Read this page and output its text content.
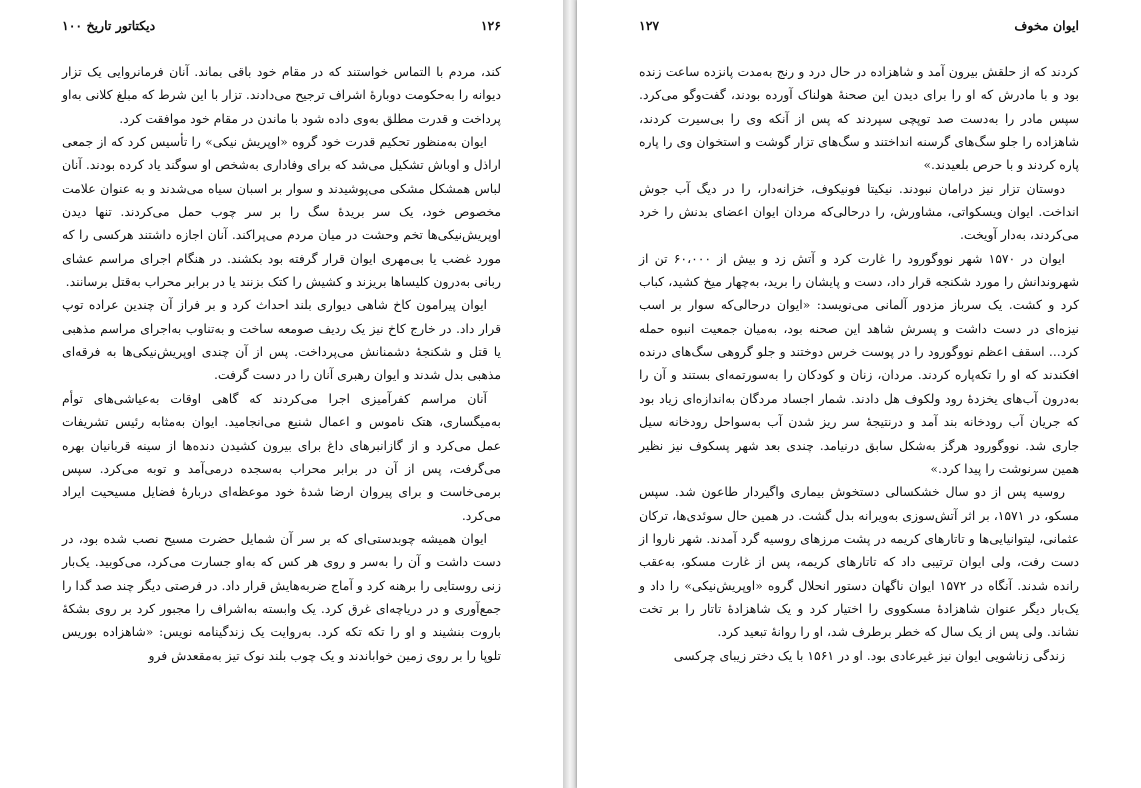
۱۲۶
۱۰۰ دیکتاتور تاریخ

کند، مردم با التماس خواستند که در مقام خود باقی بماند. آنان فرمانروایی یک تزار دیوانه را به‌حکومت دوبارهٔ اشراف ترجیح می‌دادند. تزار با این شرط که مبلغ کلانی به‌او پرداخت و قدرت مطلق به‌وی داده شود با ماندن در مقام خود موافقت کرد.

ایوان به‌منظور تحکیم قدرت خود گروه «اوپریش نیکی» را تأسیس کرد که از جمعی اراذل و اوباش تشکیل می‌شد که برای وفاداری به‌شخص او سوگند یاد کرده بودند. آنان لباس همشکل مشکی می‌پوشیدند و سوار بر اسبان سیاه می‌شدند و به عنوان علامت مخصوص خود، یک سر بریدهٔ سگ را بر سر چوب حمل می‌کردند. تنها دیدن اوپریش‌نیکی‌ها تخم وحشت در میان مردم می‌پراکند. آنان اجازه داشتند هرکسی را که مورد غضب یا بی‌مهری ایوان قرار گرفته بود بکشند. در هنگام اجرای مراسم عشای ربانی به‌درون کلیساها بریزند و کشیش را کتک بزنند یا در برابر محراب به‌قتل برسانند.

ایوان پیرامون کاخ شاهی دیواری بلند احداث کرد و بر فراز آن چندین عراده توپ قرار داد. در خارج کاخ نیز یک ردیف صومعه ساخت و به‌تناوب به‌اجرای مراسم مذهبی یا قتل و شکنجهٔ دشمنانش می‌پرداخت. پس از آن چندی اوپریش‌نیکی‌ها به فرقه‌ای مذهبی بدل شدند و ایوان رهبری آنان را در دست گرفت.

آنان مراسم کفرآمیزی اجرا می‌کردند که گاهی اوقات به‌عیاشی‌های توأم به‌میگساری، هتک ناموس و اعمال شنیع می‌انجامید. ایوان به‌مثابه رئیس تشریفات عمل می‌کرد و از گازانبرهای داغ برای بیرون کشیدن دنده‌ها از سینه قربانیان بهره می‌گرفت، پس از آن در برابر محراب به‌سجده درمی‌آمد و توبه می‌کرد. سپس برمی‌خاست و برای پیروان ارضا شدهٔ خود موعظه‌ای دربارهٔ فضایل مسیحیت ایراد می‌کرد.

ایوان همیشه چوبدستی‌ای که بر سر آن شمایل حضرت مسیح نصب شده بود، در دست داشت و آن را به‌سر و روی هر کس که به‌او جسارت می‌کرد، می‌کوبید. یک‌بار زنی روستایی را برهنه کرد و آماج ضربه‌هایش قرار داد. در فرصتی دیگر چند صد گدا را جمع‌آوری و در دریاچه‌ای غرق کرد. یک وابسته به‌اشراف را مجبور کرد بر روی بشکهٔ باروت بنشیند و او را تکه تکه کرد. به‌روایت یک زندگینامه نویس: «شاهزاده بوریس تلوپا را بر روی زمین خواباندند و یک چوب بلند نوک تیز به‌مقعدش فرو

۱۲۷	ایوان مخوف

کردند که از حلقش بیرون آمد و شاهزاده در حال درد و رنج به‌مدت پانزده ساعت زنده بود و با مادرش که او را برای دیدن این صحنهٔ هولناک آورده بودند، گفت‌وگو می‌کرد. سپس مادر را به‌دست صد توپچی سپردند که پس از آنکه وی را بی‌سیرت کردند، شاهزاده را جلو سگ‌های گرسنه انداختند و سگ‌های تزار گوشت و استخوان وی را پاره پاره کردند و با حرص بلعیدند.»

دوستان تزار نیز درامان نبودند. نیکیتا فونیکوف، خزانه‌دار، را در دیگ آب جوش انداخت. ایوان ویسکواتی، مشاورش، را درحالی‌که مردان ایوان اعضای بدنش را خرد می‌کردند، به‌دار آویخت.

ایوان در ۱۵۷۰ شهر نووگورود را غارت کرد و آتش زد و بیش از ۶۰،۰۰۰ تن از شهروندانش را مورد شکنجه قرار داد، دست و پایشان را برید، به‌چهار میخ کشید، کباب کرد و کشت. یک سرباز مزدور آلمانی می‌نویسد: «ایوان درحالی‌که سوار بر اسب نیزه‌ای در دست داشت و پسرش شاهد این صحنه بود، به‌میان جمعیت انبوه حمله کرد... اسقف اعظم نووگورود را در پوست خرس دوختند و جلو گروهی سگ‌های درنده افکندند که او را تکه‌پاره کردند. مردان، زنان و کودکان را به‌سورتمه‌ای بستند و آن را به‌درون آب‌های یخزدهٔ رود ولکوف هل دادند. شمار اجساد مردگان به‌اندازه‌ای زیاد بود که جریان آب رودخانه بند آمد و درنتیجهٔ سر ریز شدن آب به‌سواحل رودخانه سیل جاری شد. نووگورود هرگز به‌شکل سابق درنیامد. چندی بعد شهر پسکوف نیز نظیر همین سرنوشت را پیدا کرد.»

روسیه پس از دو سال خشکسالی دستخوش بیماری واگیردار طاعون شد. سپس مسکو، در ۱۵۷۱، بر اثر آتش‌سوزی به‌ویرانه بدل گشت. در همین حال سوئدی‌ها، ترکان عثمانی، لیتوانیایی‌ها و تاتارهای کریمه در پشت مرزهای روسیه گرد آمدند. شهر ناروا از دست رفت، ولی ایوان ترتیبی داد که تاتارهای کریمه، پس از غارت مسکو، به‌عقب رانده شدند. آنگاه در ۱۵۷۲ ایوان ناگهان دستور انحلال گروه «اوپریش‌نیکی» را داد و یک‌بار دیگر عنوان شاهزادهٔ مسکووی را اختیار کرد و یک شاهزادهٔ تاتار را بر تخت نشاند. ولی پس از یک سال که خطر برطرف شد، او را روانهٔ تبعید کرد.

زندگی زناشویی ایوان نیز غیرعادی بود. او در ۱۵۶۱ با یک دختر زیبای چرکسی
